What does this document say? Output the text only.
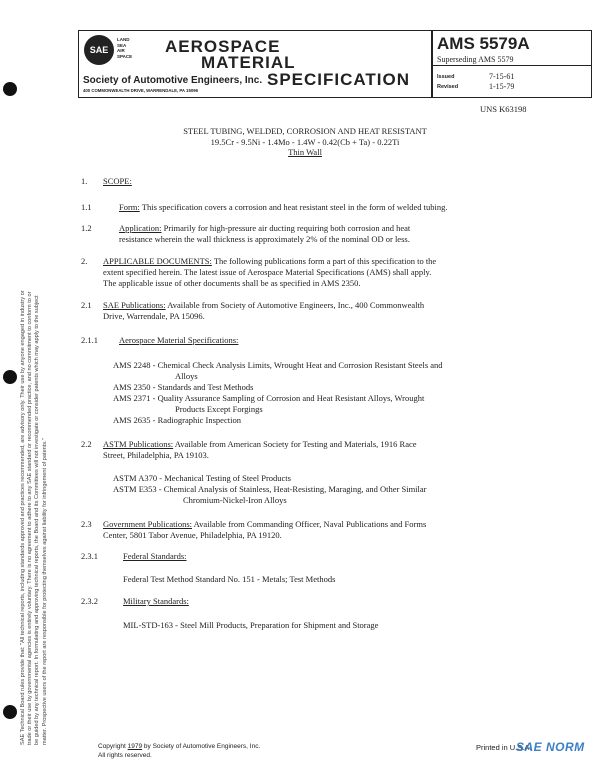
SAE Technical Board rules provide that: "All technical reports, including standards approved and practices recommended, are advisory only. Their use by anyone engaged in industry or trade or their use by governmental agencies is entirely voluntary. There is no agreement to adhere to any SAE standard or recommended practice, and no commitment to conform to or be guided by any technical report. In formulating and approving technical reports, the Board and its Committees will not investigate or consider patents which may apply to the subject matter. Prospective users of the report are responsible for protecting themselves against liability for infringement of patents."

SAE
LAND
SEA
AIR
SPACE AEROSPACE
MATERIAL
SPECIFICATION
Society of Automotive Engineers, Inc.
400 COMMONWEALTH DRIVE, WARRENDALE, PA 15096
AMS 5579A
Superseding AMS 5579
Issued	7-15-61
Revised	1-15-79
UNS K63198
STEEL TUBING, WELDED, CORROSION AND HEAT RESISTANT
19.5Cr - 9.5Ni - 1.4Mo - 1.4W - 0.42(Cb + Ta) - 0.22Ti
Thin Wall
1. SCOPE:
1.1	Form: This specification covers a corrosion and heat resistant steel in the form of welded tubing.
1.2	Application: Primarily for high-pressure air ducting requiring both corrosion and heat
resistance wherein the wall thickness is approximately 2% of the nominal OD or less.
2. APPLICABLE DOCUMENTS: The following publications form a part of this specification to the
extent specified herein. The latest issue of Aerospace Material Specifications (AMS) shall apply.
The applicable issue of other documents shall be as specified in AMS 2350.
2.1 SAE Publications: Available from Society of Automotive Engineers, Inc., 400 Commonwealth
Drive, Warrendale, PA 15096.
2.1.1 Aerospace Material Specifications:
AMS 2248 - Chemical Check Analysis Limits, Wrought Heat and Corrosion Resistant Steels and
Alloys
AMS 2350 - Standards and Test Methods
AMS 2371 - Quality Assurance Sampling of Corrosion and Heat Resistant Alloys, Wrought
Products Except Forgings
AMS 2635 - Radiographic Inspection
2.2 ASTM Publications: Available from American Society for Testing and Materials, 1916 Race
Street, Philadelphia, PA 19103.
ASTM A370 - Mechanical Testing of Steel Products
ASTM E353 - Chemical Analysis of Stainless, Heat-Resisting, Maraging, and Other Similar
Chromium-Nickel-Iron Alloys
2.3 Government Publications: Available from Commanding Officer, Naval Publications and Forms
Center, 5801 Tabor Avenue, Philadelphia, PA 19120.
2.3.1	Federal Standards:
Federal Test Method Standard No. 151 - Metals; Test Methods
2.3.2	Military Standards:
MIL-STD-163 - Steel Mill Products, Preparation for Shipment and Storage
Copyright 1979 by Society of Automotive Engineers, Inc.
All rights reserved.
Printed in U.S.A.
SAE NORM
